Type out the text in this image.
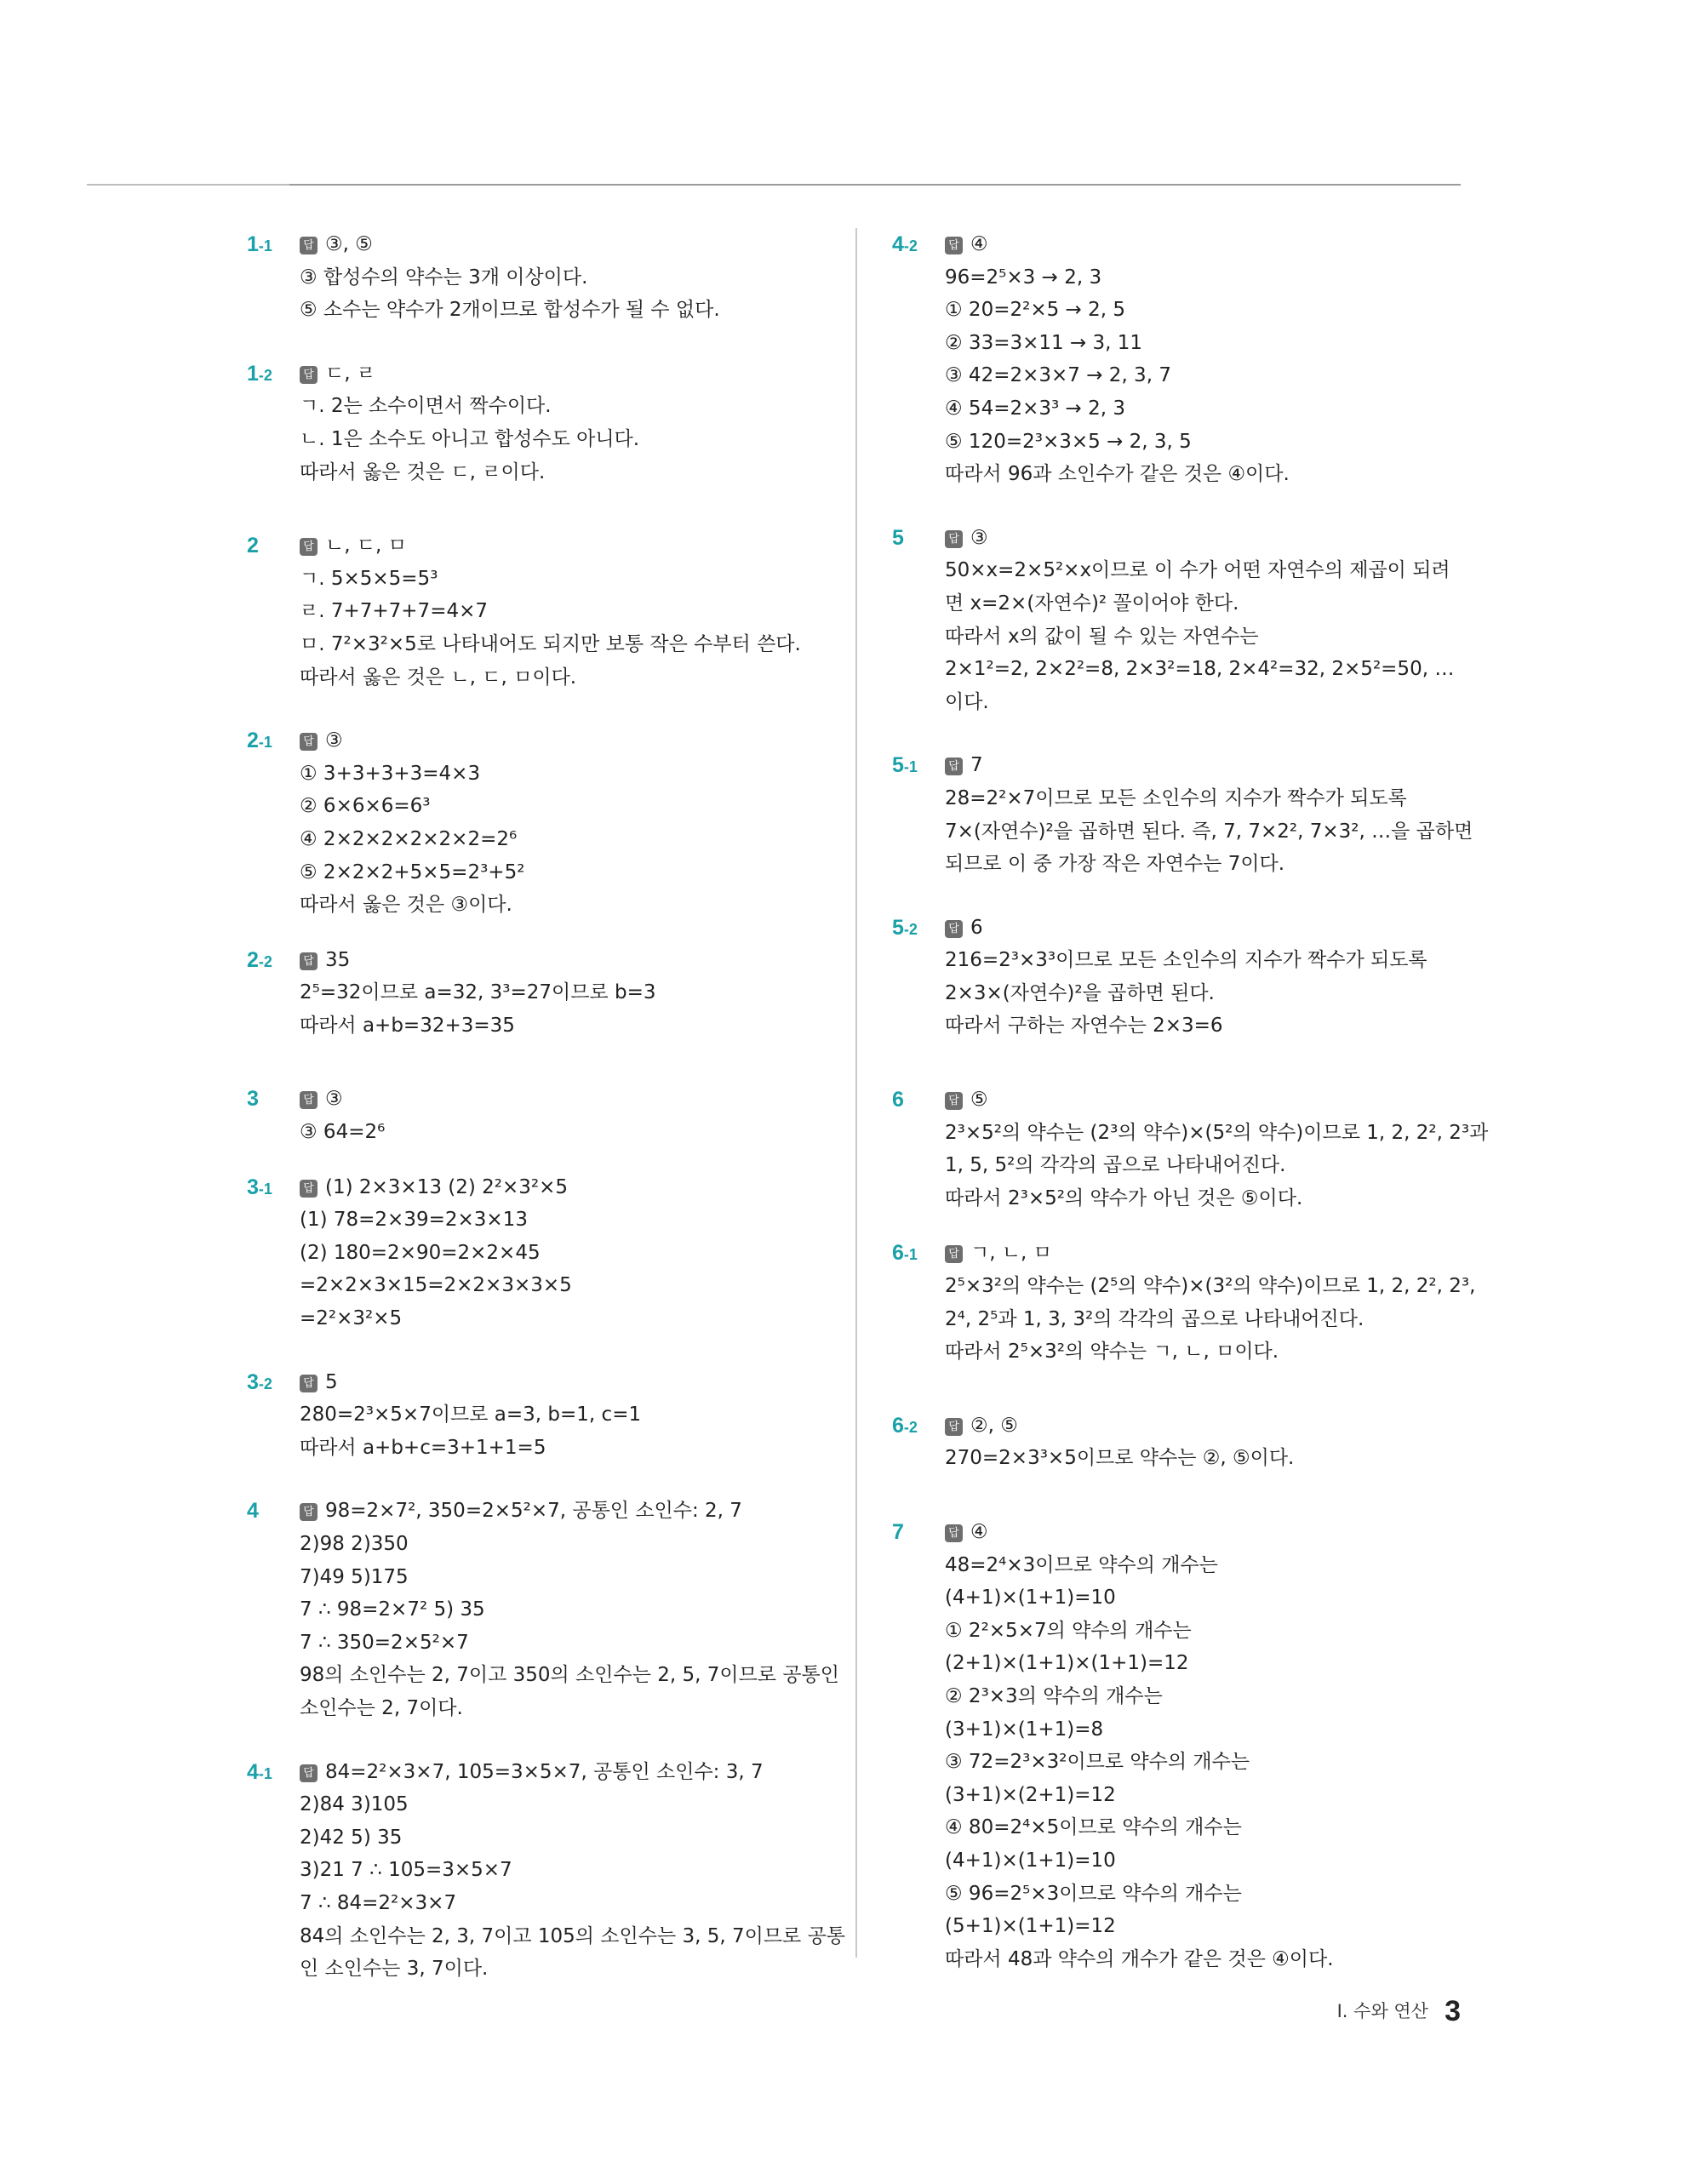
1-1	답 ③, ⑤
③ 합성수의 약수는 3개 이상이다.
⑤ 소수는 약수가 2개이므로 합성수가 될 수 없다.
1-2	답 ㄷ, ㄹ
ㄱ. 2는 소수이면서 짝수이다.
ㄴ. 1은 소수도 아니고 합성수도 아니다.
따라서 옳은 것은 ㄷ, ㄹ이다.
2	답 ㄴ, ㄷ, ㅁ
ㄱ. 5×5×5=5³
ㄹ. 7+7+7+7=4×7
ㅁ. 7²×3²×5로 나타내어도 되지만 보통 작은 수부터 쓴다.
따라서 옳은 것은 ㄴ, ㄷ, ㅁ이다.
2-1	답 ③
① 3+3+3+3=4×3
② 6×6×6=6³
④ 2×2×2×2×2×2=2⁶
⑤ 2×2×2+5×5=2³+5²
따라서 옳은 것은 ③이다.
2-2	답 35
2⁵=32이므로 a=32, 3³=27이므로 b=3
따라서 a+b=32+3=35
3	답 ③
③ 64=2⁶
3-1	답 (1) 2×3×13 (2) 2²×3²×5
(1) 78=2×39=2×3×13
(2) 180=2×90=2×2×45
=2×2×3×15=2×2×3×3×5
=2²×3²×5
3-2	답 5
280=2³×5×7이므로 a=3, b=1, c=1
따라서 a+b+c=3+1+1=5
4	답 98=2×7², 350=2×5²×7, 공통인 소인수: 2, 7
2)98 2)350
7)49 5)175
7 ∴ 98=2×7² 5) 35
7 ∴ 350=2×5²×7
98의 소인수는 2, 7이고 350의 소인수는 2, 5, 7이므로 공통인
소인수는 2, 7이다.
4-1	답 84=2²×3×7, 105=3×5×7, 공통인 소인수: 3, 7
2)84 3)105
2)42 5) 35
3)21 7 ∴ 105=3×5×7
7 ∴ 84=2²×3×7
84의 소인수는 2, 3, 7이고 105의 소인수는 3, 5, 7이므로 공통
인 소인수는 3, 7이다.
4-2	답 ④
96=2⁵×3 → 2, 3
① 20=2²×5 → 2, 5
② 33=3×11 → 3, 11
③ 42=2×3×7 → 2, 3, 7
④ 54=2×3³ → 2, 3
⑤ 120=2³×3×5 → 2, 3, 5
따라서 96과 소인수가 같은 것은 ④이다.
5	답 ③
50×x=2×5²×x이므로 이 수가 어떤 자연수의 제곱이 되려
면 x=2×(자연수)² 꼴이어야 한다.
따라서 x의 값이 될 수 있는 자연수는
2×1²=2, 2×2²=8, 2×3²=18, 2×4²=32, 2×5²=50, …
이다.
5-1	답 7
28=2²×7이므로 모든 소인수의 지수가 짝수가 되도록
7×(자연수)²을 곱하면 된다. 즉, 7, 7×2², 7×3², …을 곱하면
되므로 이 중 가장 작은 자연수는 7이다.
5-2	답 6
216=2³×3³이므로 모든 소인수의 지수가 짝수가 되도록
2×3×(자연수)²을 곱하면 된다.
따라서 구하는 자연수는 2×3=6
6	답 ⑤
2³×5²의 약수는 (2³의 약수)×(5²의 약수)이므로 1, 2, 2², 2³과
1, 5, 5²의 각각의 곱으로 나타내어진다.
따라서 2³×5²의 약수가 아닌 것은 ⑤이다.
6-1	답 ㄱ, ㄴ, ㅁ
2⁵×3²의 약수는 (2⁵의 약수)×(3²의 약수)이므로 1, 2, 2², 2³,
2⁴, 2⁵과 1, 3, 3²의 각각의 곱으로 나타내어진다.
따라서 2⁵×3²의 약수는 ㄱ, ㄴ, ㅁ이다.
6-2	답 ②, ⑤
270=2×3³×5이므로 약수는 ②, ⑤이다.
7	답 ④
48=2⁴×3이므로 약수의 개수는
(4+1)×(1+1)=10
① 2²×5×7의 약수의 개수는
(2+1)×(1+1)×(1+1)=12
② 2³×3의 약수의 개수는
(3+1)×(1+1)=8
③ 72=2³×3²이므로 약수의 개수는
(3+1)×(2+1)=12
④ 80=2⁴×5이므로 약수의 개수는
(4+1)×(1+1)=10
⑤ 96=2⁵×3이므로 약수의 개수는
(5+1)×(1+1)=12
따라서 48과 약수의 개수가 같은 것은 ④이다.
I. 수와 연산 3
